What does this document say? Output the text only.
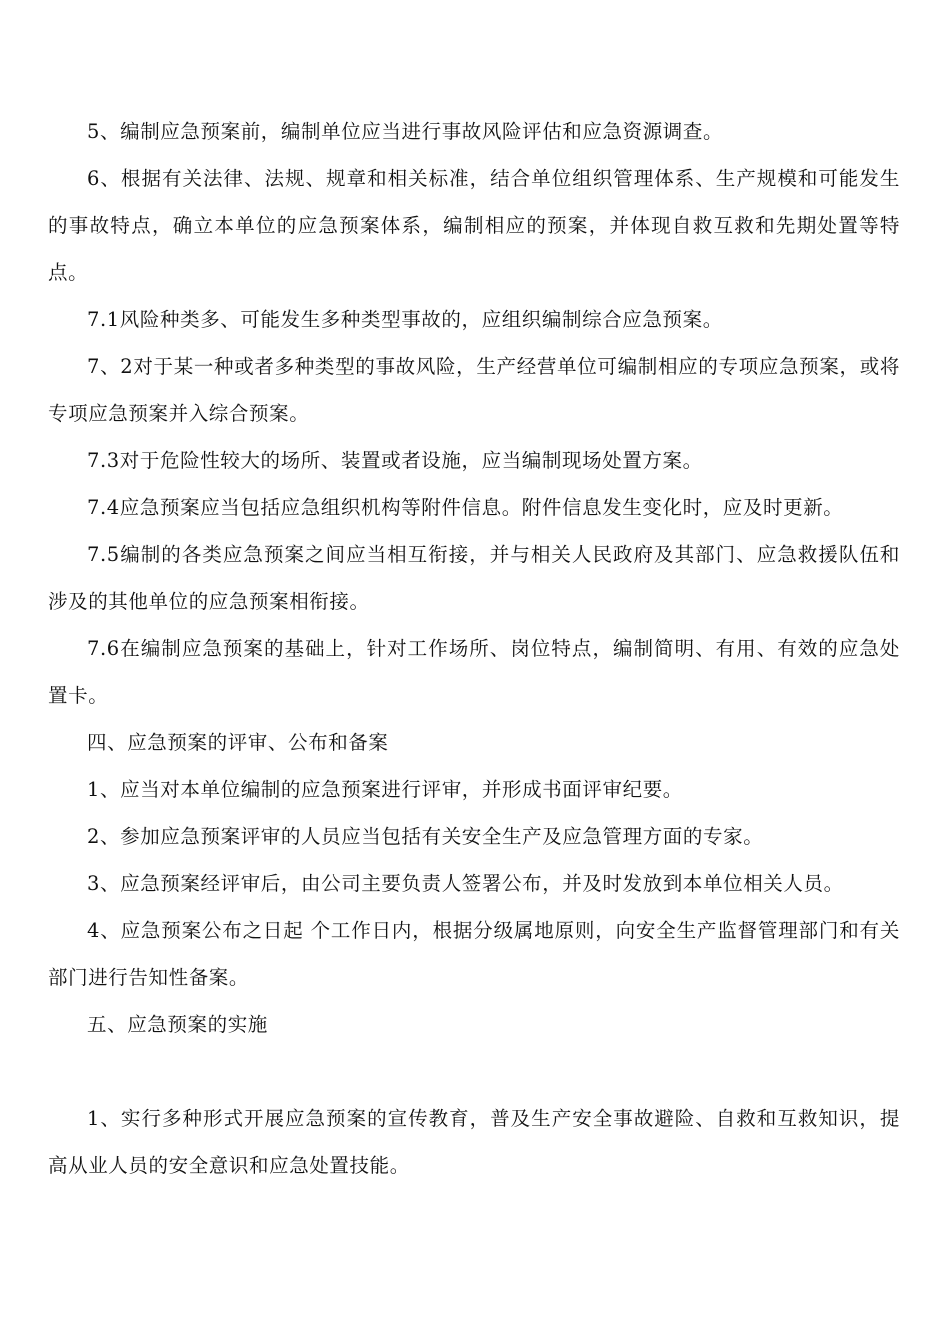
5、编制应急预案前，编制单位应当进行事故风险评估和应急资源调查。

6、根据有关法律、法规、规章和相关标准，结合单位组织管理体系、生产规模和可能发生的事故特点，确立本单位的应急预案体系，编制相应的预案，并体现自救互救和先期处置等特点。

7.1风险种类多、可能发生多种类型事故的，应组织编制综合应急预案。

7、2对于某一种或者多种类型的事故风险，生产经营单位可编制相应的专项应急预案，或将专项应急预案并入综合预案。

7.3对于危险性较大的场所、装置或者设施，应当编制现场处置方案。

7.4应急预案应当包括应急组织机构等附件信息。附件信息发生变化时，应及时更新。

7.5编制的各类应急预案之间应当相互衔接，并与相关人民政府及其部门、应急救援队伍和涉及的其他单位的应急预案相衔接。

7.6在编制应急预案的基础上，针对工作场所、岗位特点，编制简明、有用、有效的应急处置卡。

四、应急预案的评审、公布和备案

1、应当对本单位编制的应急预案进行评审，并形成书面评审纪要。

2、参加应急预案评审的人员应当包括有关安全生产及应急管理方面的专家。

3、应急预案经评审后，由公司主要负责人签署公布，并及时发放到本单位相关人员。

4、应急预案公布之日起 个工作日内，根据分级属地原则，向安全生产监督管理部门和有关部门进行告知性备案。

五、应急预案的实施

1、实行多种形式开展应急预案的宣传教育，普及生产安全事故避险、自救和互救知识，提高从业人员的安全意识和应急处置技能。
